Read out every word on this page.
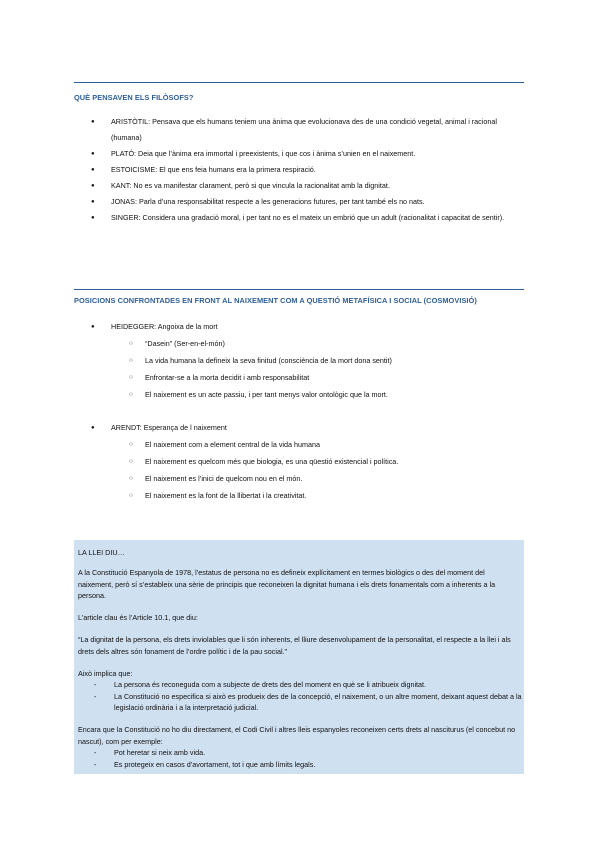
QUÈ PENSAVEN ELS FILÒSOFS?
● ARISTÒTIL: Pensava que els humans teniem una ànima que evolucionava des de una condició vegetal, animal i racional (humana)
● PLATÓ: Deia que l’ànima era immortal i preexistents, i que cos i ànima s’unien en el naixement.
● ESTOICISME: El que ens feia humans era la primera respiració.
● KANT: No es va manifestar clarament, però si que vincula la racionalitat amb la dignitat.
● JONAS: Parla d’una responsabilitat respecte a les generacions futures, per tant també els no nats.
● SINGER: Considera una gradació moral, i per tant no es el mateix un embrió que un adult (racionalitat i capacitat de sentir).
POSICIONS CONFRONTADES EN FRONT AL NAIXEMENT COM A QUESTIÓ METAFÍSICA I SOCIAL (COSMOVISIÓ)
● HEIDEGGER: Angoixa de la mort
○ “Dasein” (Ser-en-el-món)
○ La vida humana la defineix la seva finitud (consciència de la mort dona sentit)
○ Enfrontar-se a la morta decidit i amb responsabilitat
○ El naixement es un acte passiu, i per tant menys valor ontològic que la mort.
● ARENDT: Esperança de l naixement
○ El naixement com a element central de la vida humana
○ El naixement es quelcom més que biologia, es una qüestió existencial i política.
○ El naixement es l’inici de quelcom nou en el món.
○ El naixement es la font de la llibertat i la creativitat.

LA LLEI DIU…

A la Constitució Espanyola de 1978, l’estatus de persona no es defineix explícitament en termes biològics o des del moment del naixement, però sí s’estableix una sèrie de principis que reconeixen la dignitat humana i els drets fonamentals com a inherents a la persona.

L’article clau és l’Article 10.1, que diu:

“La dignitat de la persona, els drets inviolables que li són inherents, el lliure desenvolupament de la personalitat, el respecte a la llei i als drets dels altres són fonament de l’ordre polític i de la pau social.”

Això implica que:

- La persona és reconeguda com a subjecte de drets des del moment en què se li atribueix dignitat.
- La Constitució no especifica si això es produeix des de la concepció, el naixement, o un altre moment, deixant aquest debat a la legislació ordinària i a la interpretació judicial.

Encara que la Constitució no ho diu directament, el Codi Civil i altres lleis espanyoles reconeixen certs drets al nasciturus (el concebut no nascut), com per exemple:

- Pot heretar si neix amb vida.
- Es protegeix en casos d’avortament, tot i que amb límits legals.
